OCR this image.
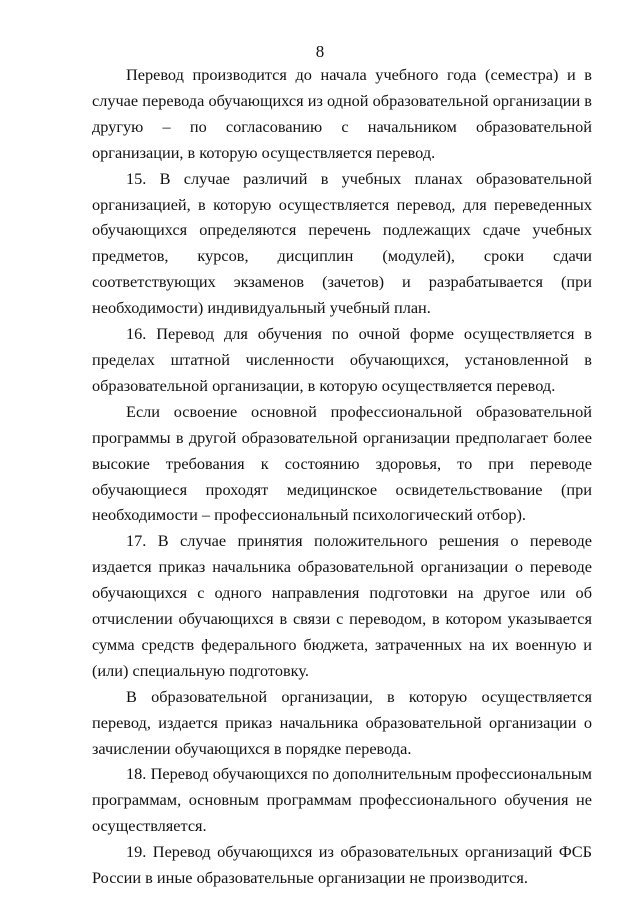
8

Перевод производится до начала учебного года (семестра) и в случае перевода обучающихся из одной образовательной организации в другую – по согласованию с начальником образовательной организации, в которую осуществляется перевод.

15. В случае различий в учебных планах образовательной организацией, в которую осуществляется перевод, для переведенных обучающихся определяются перечень подлежащих сдаче учебных предметов, курсов, дисциплин (модулей), сроки сдачи соответствующих экзаменов (зачетов) и разрабатывается (при необходимости) индивидуальный учебный план.

16. Перевод для обучения по очной форме осуществляется в пределах штатной численности обучающихся, установленной в образовательной организации, в которую осуществляется перевод.

Если освоение основной профессиональной образовательной программы в другой образовательной организации предполагает более высокие требования к состоянию здоровья, то при переводе обучающиеся проходят медицинское освидетельствование (при необходимости – профессиональный психологический отбор).

17. В случае принятия положительного решения о переводе издается приказ начальника образовательной организации о переводе обучающихся с одного направления подготовки на другое или об отчислении обучающихся в связи с переводом, в котором указывается сумма средств федерального бюджета, затраченных на их военную и (или) специальную подготовку.

В образовательной организации, в которую осуществляется перевод, издается приказ начальника образовательной организации о зачислении обучающихся в порядке перевода.

18. Перевод обучающихся по дополнительным профессиональным программам, основным программам профессионального обучения не осуществляется.

19. Перевод обучающихся из образовательных организаций ФСБ России в иные образовательные организации не производится.
